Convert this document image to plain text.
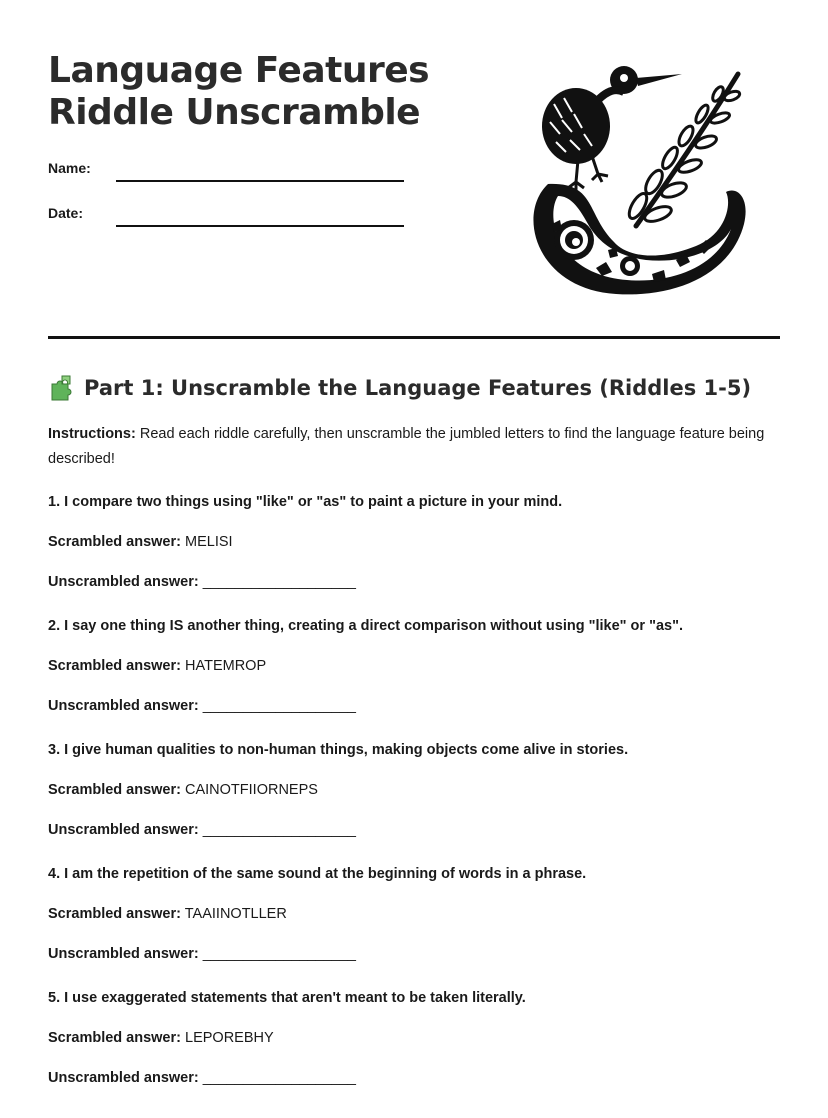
Language Features
Riddle Unscramble
Name:
Date:
Part 1: Unscramble the Language Features (Riddles 1-5)

Instructions: Read each riddle carefully, then unscramble the jumbled letters to find the language feature being described!

1. I compare two things using "like" or "as" to paint a picture in your mind.
Scrambled answer: MELISI
Unscrambled answer: ___________________
2. I say one thing IS another thing, creating a direct comparison without using "like" or "as".
Scrambled answer: HATEMROP
Unscrambled answer: ___________________
3. I give human qualities to non-human things, making objects come alive in stories.
Scrambled answer: CAINOTFIIORNEPS
Unscrambled answer: ___________________
4. I am the repetition of the same sound at the beginning of words in a phrase.
Scrambled answer: TAAIINOTLLER
Unscrambled answer: ___________________
5. I use exaggerated statements that aren't meant to be taken literally.
Scrambled answer: LEPOREBHY
Unscrambled answer: ___________________
